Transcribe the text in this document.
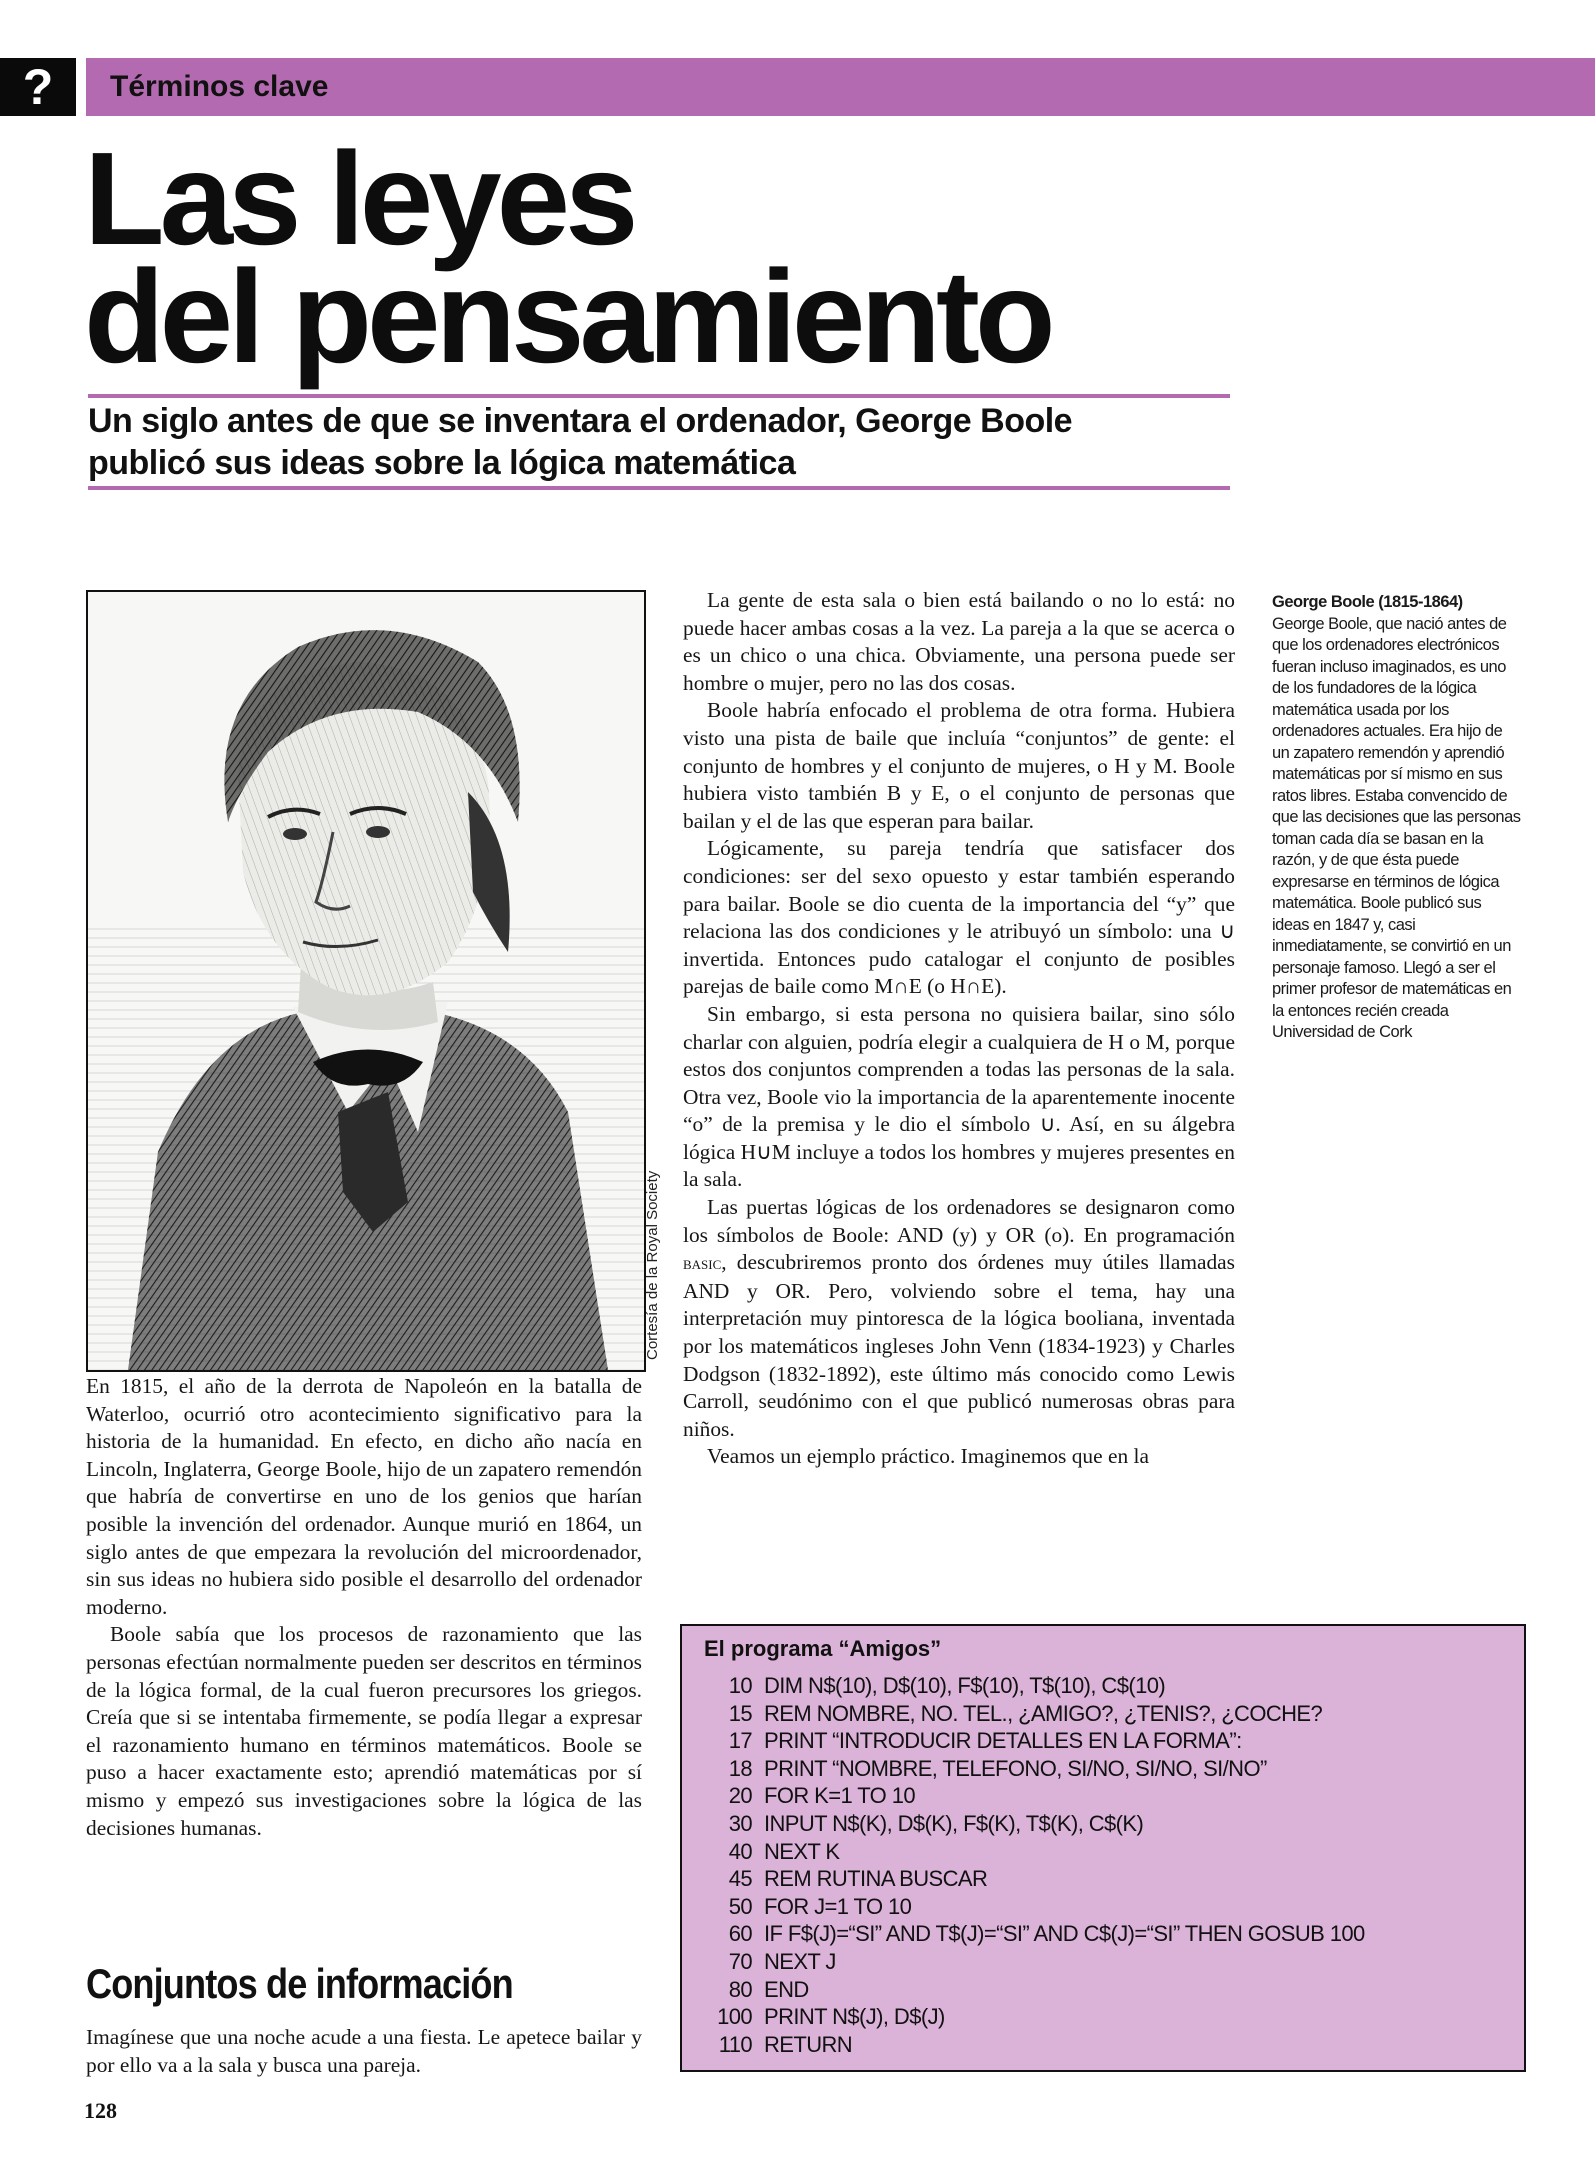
?	Términos clave
Las leyes
del pensamiento
Un siglo antes de que se inventara el ordenador, George Boole
publicó sus ideas sobre la lógica matemática
Cortesía de la Royal Society

En 1815, el año de la derrota de Napoleón en la batalla de Waterloo, ocurrió otro acontecimiento significativo para la historia de la humanidad. En efecto, en dicho año nacía en Lincoln, Inglaterra, George Boole, hijo de un zapatero remendón que habría de convertirse en uno de los genios que harían posible la invención del ordenador. Aunque murió en 1864, un siglo antes de que empezara la revolución del microordenador, sin sus ideas no hubiera sido posible el desarrollo del ordenador moderno.

Boole sabía que los procesos de razonamiento que las personas efectúan normalmente pueden ser descritos en términos de la lógica formal, de la cual fueron precursores los griegos. Creía que si se intentaba firmemente, se podía llegar a expresar el razonamiento humano en términos matemáticos. Boole se puso a hacer exactamente esto; aprendió matemáticas por sí mismo y empezó sus investigaciones sobre la lógica de las decisiones humanas.

Conjuntos de información

Imagínese que una noche acude a una fiesta. Le apetece bailar y por ello va a la sala y busca una pareja.

La gente de esta sala o bien está bailando o no lo está: no puede hacer ambas cosas a la vez. La pareja a la que se acerca o es un chico o una chica. Obviamente, una persona puede ser hombre o mujer, pero no las dos cosas.

Boole habría enfocado el problema de otra forma. Hubiera visto una pista de baile que incluía “conjuntos” de gente: el conjunto de hombres y el conjunto de mujeres, o H y M. Boole hubiera visto también B y E, o el conjunto de personas que bailan y el de las que esperan para bailar.

Lógicamente, su pareja tendría que satisfacer dos condiciones: ser del sexo opuesto y estar también esperando para bailar. Boole se dio cuenta de la importancia del “y” que relaciona las dos condiciones y le atribuyó un símbolo: una ∪ invertida. Entonces pudo catalogar el conjunto de posibles parejas de baile como M∩E (o H∩E).

Sin embargo, si esta persona no quisiera bailar, sino sólo charlar con alguien, podría elegir a cualquiera de H o M, porque estos dos conjuntos comprenden a todas las personas de la sala. Otra vez, Boole vio la importancia de la aparentemente inocente “o” de la premisa y le dio el símbolo ∪. Así, en su álgebra lógica H∪M incluye a todos los hombres y mujeres presentes en la sala.

Las puertas lógicas de los ordenadores se designaron como los símbolos de Boole: AND (y) y OR (o). En programación basic, descubriremos pronto dos órdenes muy útiles llamadas AND y OR. Pero, volviendo sobre el tema, hay una interpretación muy pintoresca de la lógica booliana, inventada por los matemáticos ingleses John Venn (1834-1923) y Charles Dodgson (1832-1892), este último más conocido como Lewis Carroll, seudónimo con el que publicó numerosas obras para niños.

Veamos un ejemplo práctico. Imaginemos que en la

George Boole (1815-1864)
George Boole, que nació antes de que los ordenadores electrónicos fueran incluso imaginados, es uno de los fundadores de la lógica matemática usada por los ordenadores actuales. Era hijo de un zapatero remendón y aprendió matemáticas por sí mismo en sus ratos libres. Estaba convencido de que las decisiones que las personas toman cada día se basan en la razón, y de que ésta puede expresarse en términos de lógica matemática. Boole publicó sus ideas en 1847 y, casi inmediatamente, se convirtió en un personaje famoso. Llegó a ser el primer profesor de matemáticas en la entonces recién creada Universidad de Cork
El programa “Amigos”
10 DIM N$(10), D$(10), F$(10), T$(10), C$(10)
15 REM NOMBRE, NO. TEL., ¿AMIGO?, ¿TENIS?, ¿COCHE?
17 PRINT “INTRODUCIR DETALLES EN LA FORMA”:
18 PRINT “NOMBRE, TELEFONO, SI/NO, SI/NO, SI/NO”
20 FOR K=1 TO 10
30 INPUT N$(K), D$(K), F$(K), T$(K), C$(K)
40 NEXT K
45 REM RUTINA BUSCAR
50 FOR J=1 TO 10
60 IF F$(J)=“SI” AND T$(J)=“SI” AND C$(J)=“SI” THEN GOSUB 100
70 NEXT J
80 END
100 PRINT N$(J), D$(J)
110 RETURN
128
